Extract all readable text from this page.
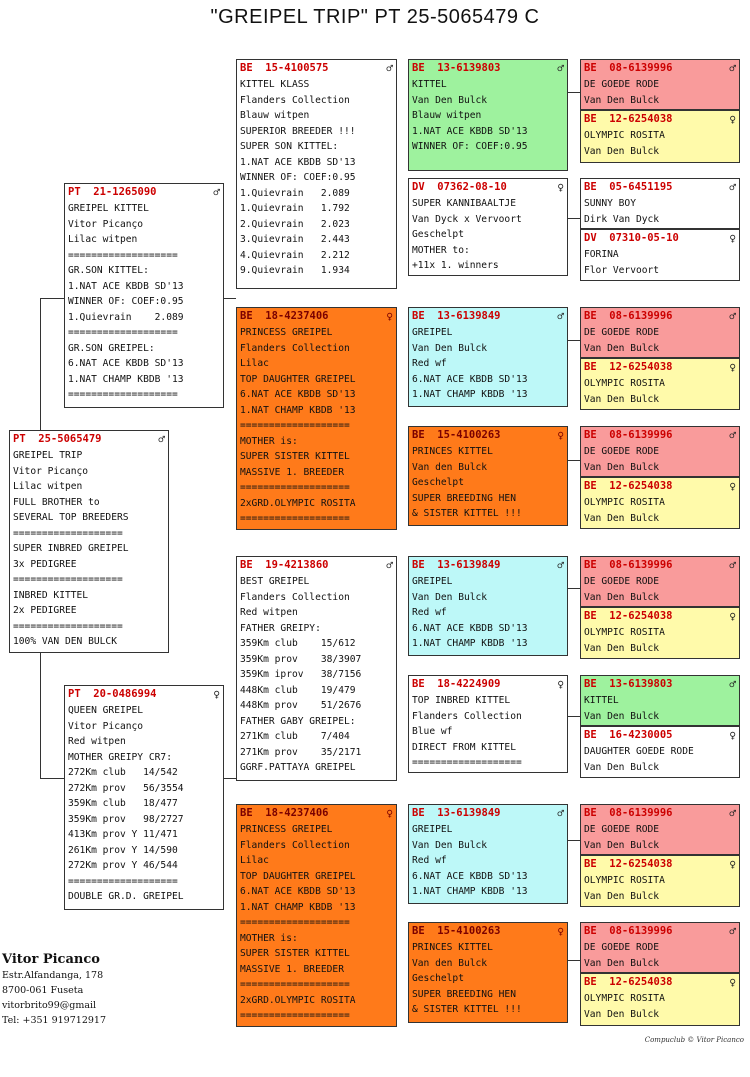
"GREIPEL TRIP" PT 25-5065479 C
PT  25-5065479	♂
GREIPEL TRIP
Vitor Picanço
Lilac witpen
FULL BROTHER to
SEVERAL TOP BREEDERS
===================
SUPER INBRED GREIPEL
3x PEDIGREE
===================
INBRED KITTEL
2x PEDIGREE
===================
100% VAN DEN BULCK
PT  21-1265090	♂
GREIPEL KITTEL
Vitor Picanço
Lilac witpen
===================
GR.SON KITTEL:
1.NAT ACE KBDB SD'13
WINNER OF: COEF:0.95
1.Quievrain    2.089
===================
GR.SON GREIPEL:
6.NAT ACE KBDB SD'13
1.NAT CHAMP KBDB '13
===================
PT  20-0486994	♀
QUEEN GREIPEL
Vitor Picanço
Red witpen
MOTHER GREIPY CR7:
272Km club   14/542
272Km prov   56/3554
359Km club   18/477
359Km prov   98/2727
413Km prov Y 11/471
261Km prov Y 14/590
272Km prov Y 46/544
===================
DOUBLE GR.D. GREIPEL
BE  15-4100575	♂
KITTEL KLASS
Flanders Collection
Blauw witpen
SUPERIOR BREEDER !!!
SUPER SON KITTEL:
1.NAT ACE KBDB SD'13
WINNER OF: COEF:0.95
1.Quievrain   2.089
1.Quievrain   1.792
2.Quievrain   2.023
3.Quievrain   2.443
4.Quievrain   2.212
9.Quievrain   1.934
BE  18-4237406	♀
PRINCESS GREIPEL
Flanders Collection
Lilac
TOP DAUGHTER GREIPEL
6.NAT ACE KBDB SD'13
1.NAT CHAMP KBDB '13
===================
MOTHER is:
SUPER SISTER KITTEL
MASSIVE 1. BREEDER
===================
2xGRD.OLYMPIC ROSITA
===================
BE  19-4213860	♂
BEST GREIPEL
Flanders Collection
Red witpen
FATHER GREIPY:
359Km club    15/612
359Km prov    38/3907
359Km iprov   38/7156
448Km club    19/479
448Km prov    51/2676
FATHER GABY GREIPEL:
271Km club    7/404
271Km prov    35/2171
GGRF.PATTAYA GREIPEL
BE  18-4237406	♀
PRINCESS GREIPEL
Flanders Collection
Lilac
TOP DAUGHTER GREIPEL
6.NAT ACE KBDB SD'13
1.NAT CHAMP KBDB '13
===================
MOTHER is:
SUPER SISTER KITTEL
MASSIVE 1. BREEDER
===================
2xGRD.OLYMPIC ROSITA
===================
BE  13-6139803	♂
KITTEL
Van Den Bulck
Blauw witpen
1.NAT ACE KBDB SD'13
WINNER OF: COEF:0.95
DV  07362-08-10	♀
SUPER KANNIBAALTJE
Van Dyck x Vervoort
Geschelpt
MOTHER to:
+11x 1. winners
BE  13-6139849	♂
GREIPEL
Van Den Bulck
Red wf
6.NAT ACE KBDB SD'13
1.NAT CHAMP KBDB '13
BE  15-4100263	♀
PRINCES KITTEL
Van den Bulck
Geschelpt
SUPER BREEDING HEN
& SISTER KITTEL !!!
BE  13-6139849	♂
GREIPEL
Van Den Bulck
Red wf
6.NAT ACE KBDB SD'13
1.NAT CHAMP KBDB '13
BE  18-4224909	♀
TOP INBRED KITTEL
Flanders Collection
Blue wf
DIRECT FROM KITTEL
===================
BE  13-6139849	♂
GREIPEL
Van Den Bulck
Red wf
6.NAT ACE KBDB SD'13
1.NAT CHAMP KBDB '13
BE  15-4100263	♀
PRINCES KITTEL
Van den Bulck
Geschelpt
SUPER BREEDING HEN
& SISTER KITTEL !!!
BE  08-6139996	♂
DE GOEDE RODE
Van Den Bulck
BE  12-6254038	♀
OLYMPIC ROSITA
Van Den Bulck
BE  05-6451195	♂
SUNNY BOY
Dirk Van Dyck
DV  07310-05-10	♀
FORINA
Flor Vervoort
BE  08-6139996	♂
DE GOEDE RODE
Van Den Bulck
BE  12-6254038	♀
OLYMPIC ROSITA
Van Den Bulck
BE  08-6139996	♂
DE GOEDE RODE
Van Den Bulck
BE  12-6254038	♀
OLYMPIC ROSITA
Van Den Bulck
BE  08-6139996	♂
DE GOEDE RODE
Van Den Bulck
BE  12-6254038	♀
OLYMPIC ROSITA
Van Den Bulck
BE  13-6139803	♂
KITTEL
Van Den Bulck
BE  16-4230005	♀
DAUGHTER GOEDE RODE
Van Den Bulck
BE  08-6139996	♂
DE GOEDE RODE
Van Den Bulck
BE  12-6254038	♀
OLYMPIC ROSITA
Van Den Bulck
BE  08-6139996	♂
DE GOEDE RODE
Van Den Bulck
BE  12-6254038	♀
OLYMPIC ROSITA
Van Den Bulck
Vitor Picanco
Estr.Alfandanga, 178
8700-061 Fuseta
vitorbrito99@gmail
Tel: +351 919712917
Compuclub © Vitor Picanco
